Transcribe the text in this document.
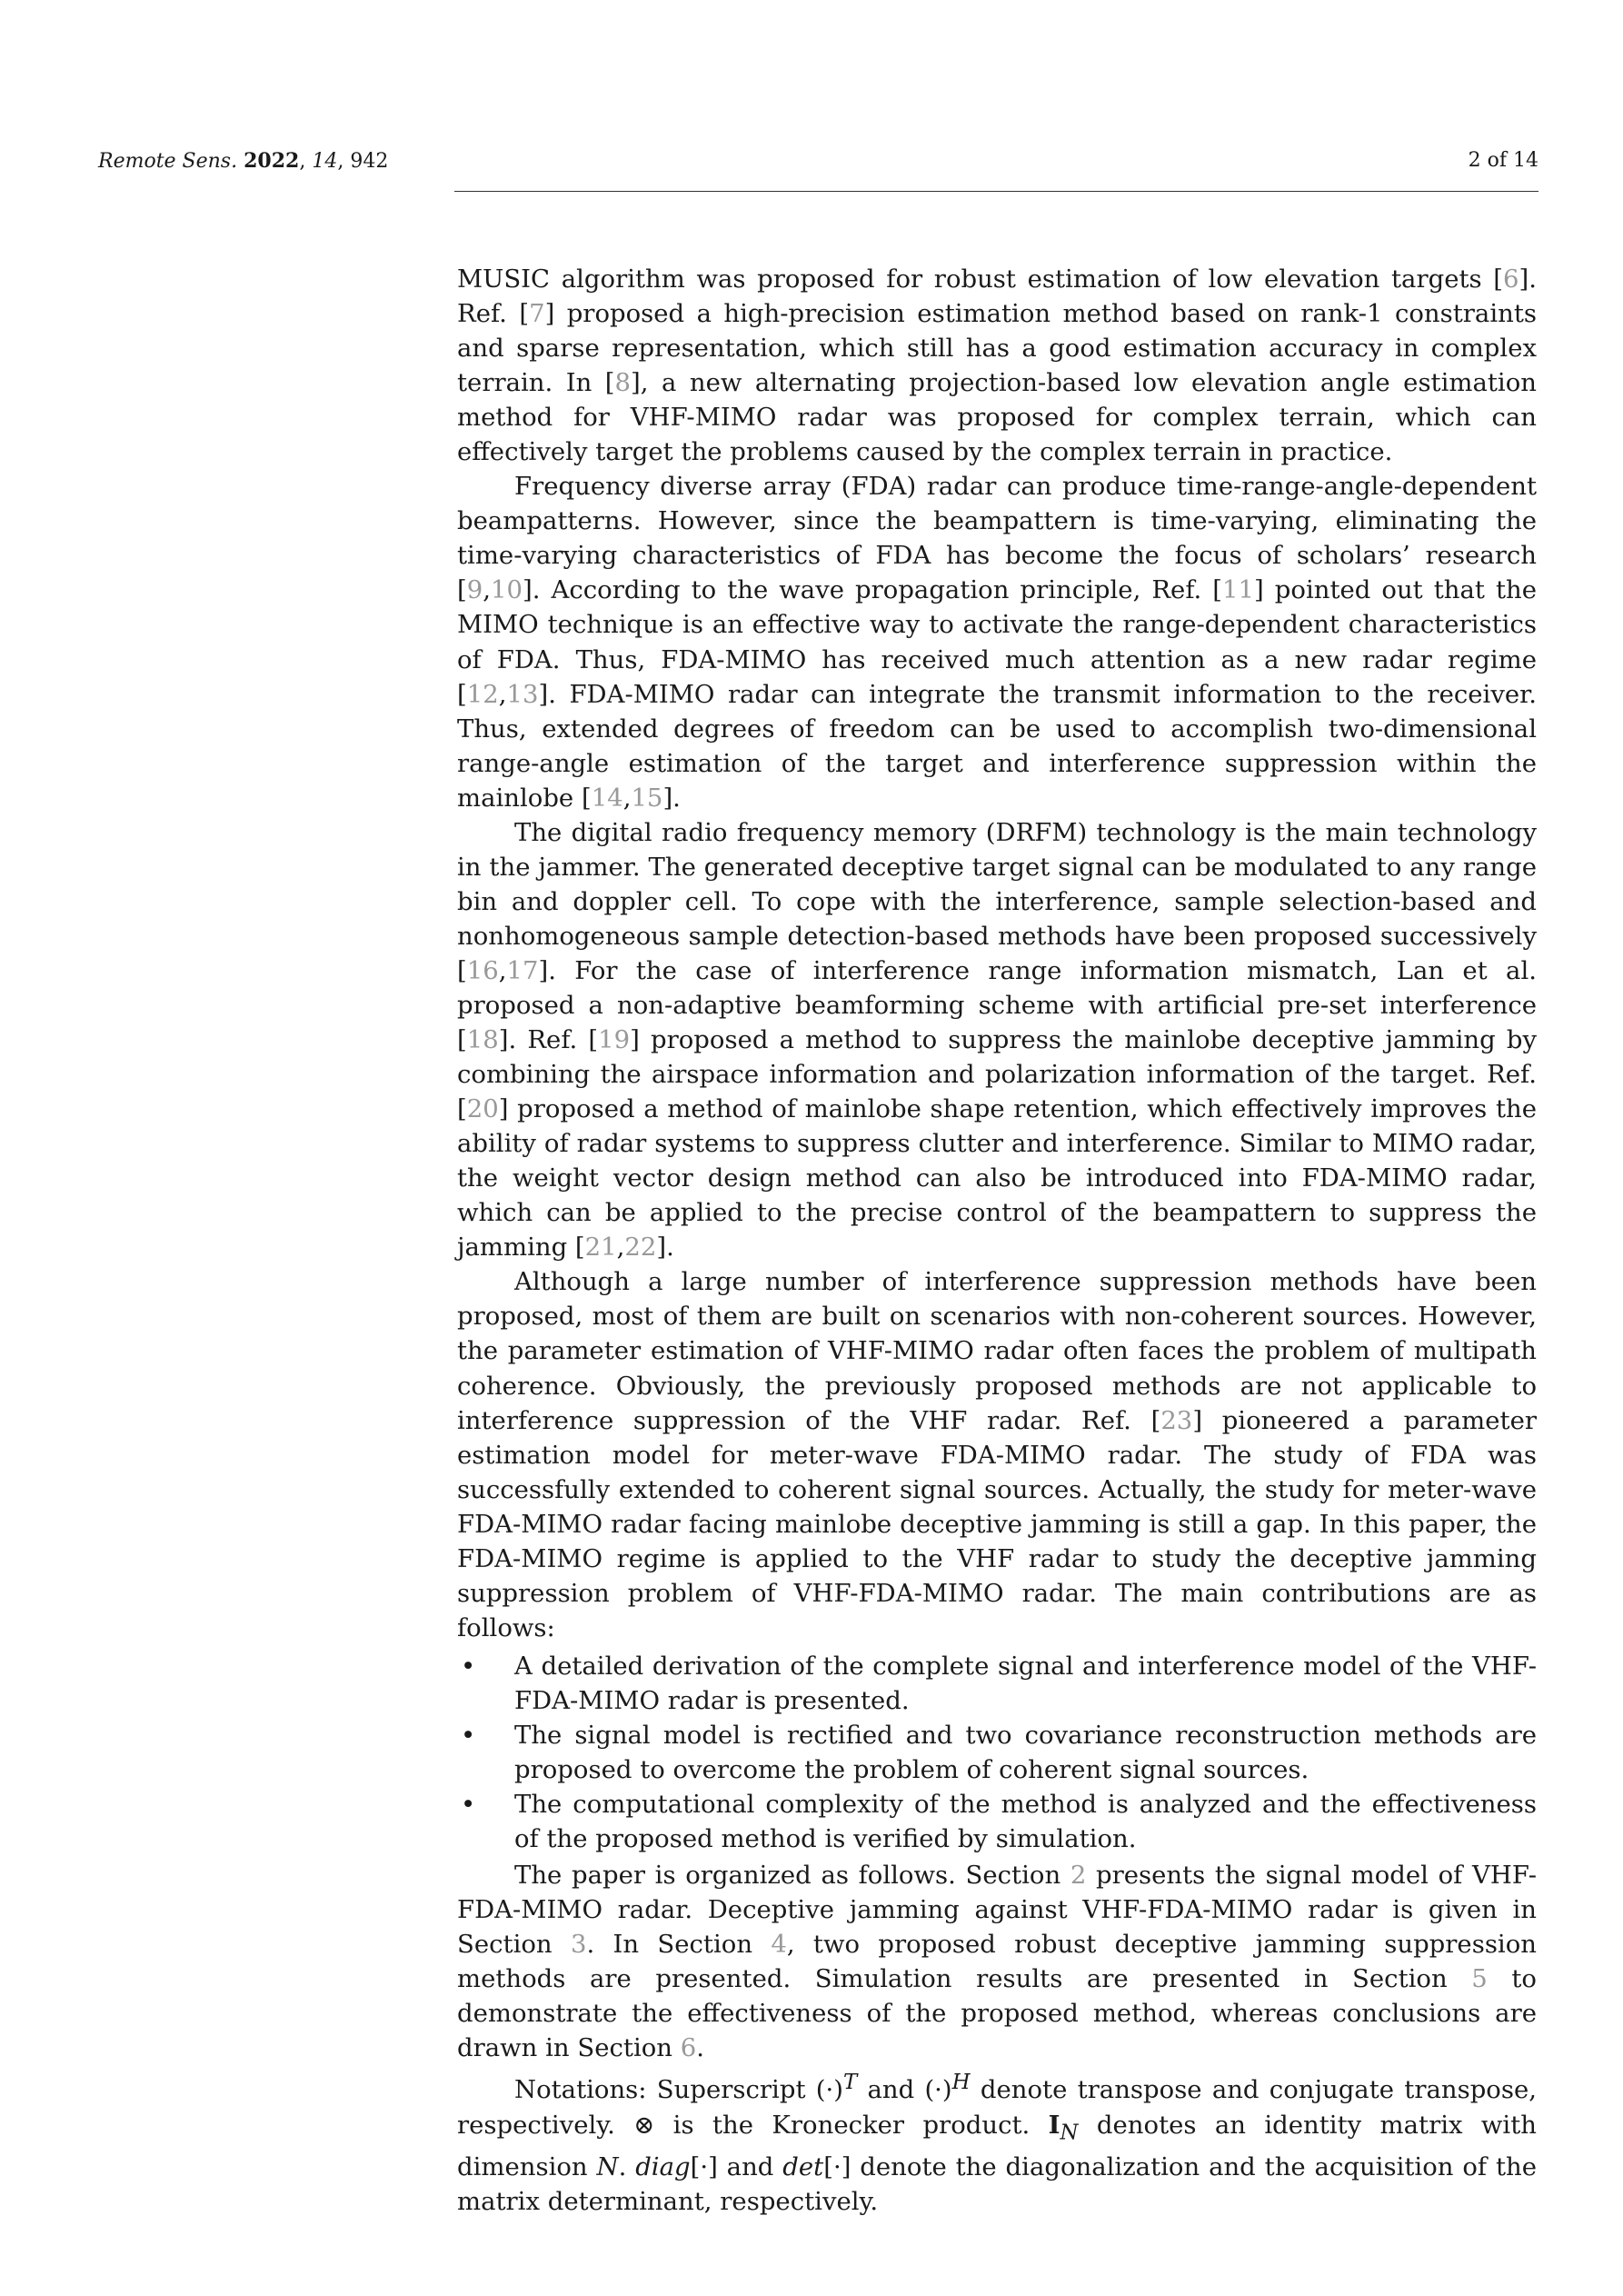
Remote Sens. 2022, 14, 942	2 of 14

MUSIC algorithm was proposed for robust estimation of low elevation targets [6]. Ref. [7] proposed a high-precision estimation method based on rank-1 constraints and sparse representation, which still has a good estimation accuracy in complex terrain. In [8], a new alternating projection-based low elevation angle estimation method for VHF-MIMO radar was proposed for complex terrain, which can effectively target the problems caused by the complex terrain in practice.

Frequency diverse array (FDA) radar can produce time-range-angle-dependent beampatterns. However, since the beampattern is time-varying, eliminating the time-varying characteristics of FDA has become the focus of scholars’ research [9,10]. According to the wave propagation principle, Ref. [11] pointed out that the MIMO technique is an effective way to activate the range-dependent characteristics of FDA. Thus, FDA-MIMO has received much attention as a new radar regime [12,13]. FDA-MIMO radar can integrate the transmit information to the receiver. Thus, extended degrees of freedom can be used to accomplish two-dimensional range-angle estimation of the target and interference suppression within the mainlobe [14,15].

The digital radio frequency memory (DRFM) technology is the main technology in the jammer. The generated deceptive target signal can be modulated to any range bin and doppler cell. To cope with the interference, sample selection-based and nonhomogeneous sample detection-based methods have been proposed successively [16,17]. For the case of interference range information mismatch, Lan et al. proposed a non-adaptive beamforming scheme with artificial pre-set interference [18]. Ref. [19] proposed a method to suppress the mainlobe deceptive jamming by combining the airspace information and polarization information of the target. Ref. [20] proposed a method of mainlobe shape retention, which effectively improves the ability of radar systems to suppress clutter and interference. Similar to MIMO radar, the weight vector design method can also be introduced into FDA-MIMO radar, which can be applied to the precise control of the beampattern to suppress the jamming [21,22].

Although a large number of interference suppression methods have been proposed, most of them are built on scenarios with non-coherent sources. However, the parameter estimation of VHF-MIMO radar often faces the problem of multipath coherence. Obviously, the previously proposed methods are not applicable to interference suppression of the VHF radar. Ref. [23] pioneered a parameter estimation model for meter-wave FDA-MIMO radar. The study of FDA was successfully extended to coherent signal sources. Actually, the study for meter-wave FDA-MIMO radar facing mainlobe deceptive jamming is still a gap. In this paper, the FDA-MIMO regime is applied to the VHF radar to study the deceptive jamming suppression problem of VHF-FDA-MIMO radar. The main contributions are as follows:

• A detailed derivation of the complete signal and interference model of the VHF-FDA-MIMO radar is presented.
• The signal model is rectified and two covariance reconstruction methods are proposed to overcome the problem of coherent signal sources.
• The computational complexity of the method is analyzed and the effectiveness of the proposed method is verified by simulation.

The paper is organized as follows. Section 2 presents the signal model of VHF-FDA-MIMO radar. Deceptive jamming against VHF-FDA-MIMO radar is given in Section 3. In Section 4, two proposed robust deceptive jamming suppression methods are presented. Simulation results are presented in Section 5 to demonstrate the effectiveness of the proposed method, whereas conclusions are drawn in Section 6.

Notations: Superscript $(\cdot)^T$ and $(\cdot)^H$ denote transpose and conjugate transpose, respectively. ⊗ is the Kronecker product. $I_N$ denotes an identity matrix with dimension N. diag[·] and det[·] denote the diagonalization and the acquisition of the matrix determinant, respectively.
